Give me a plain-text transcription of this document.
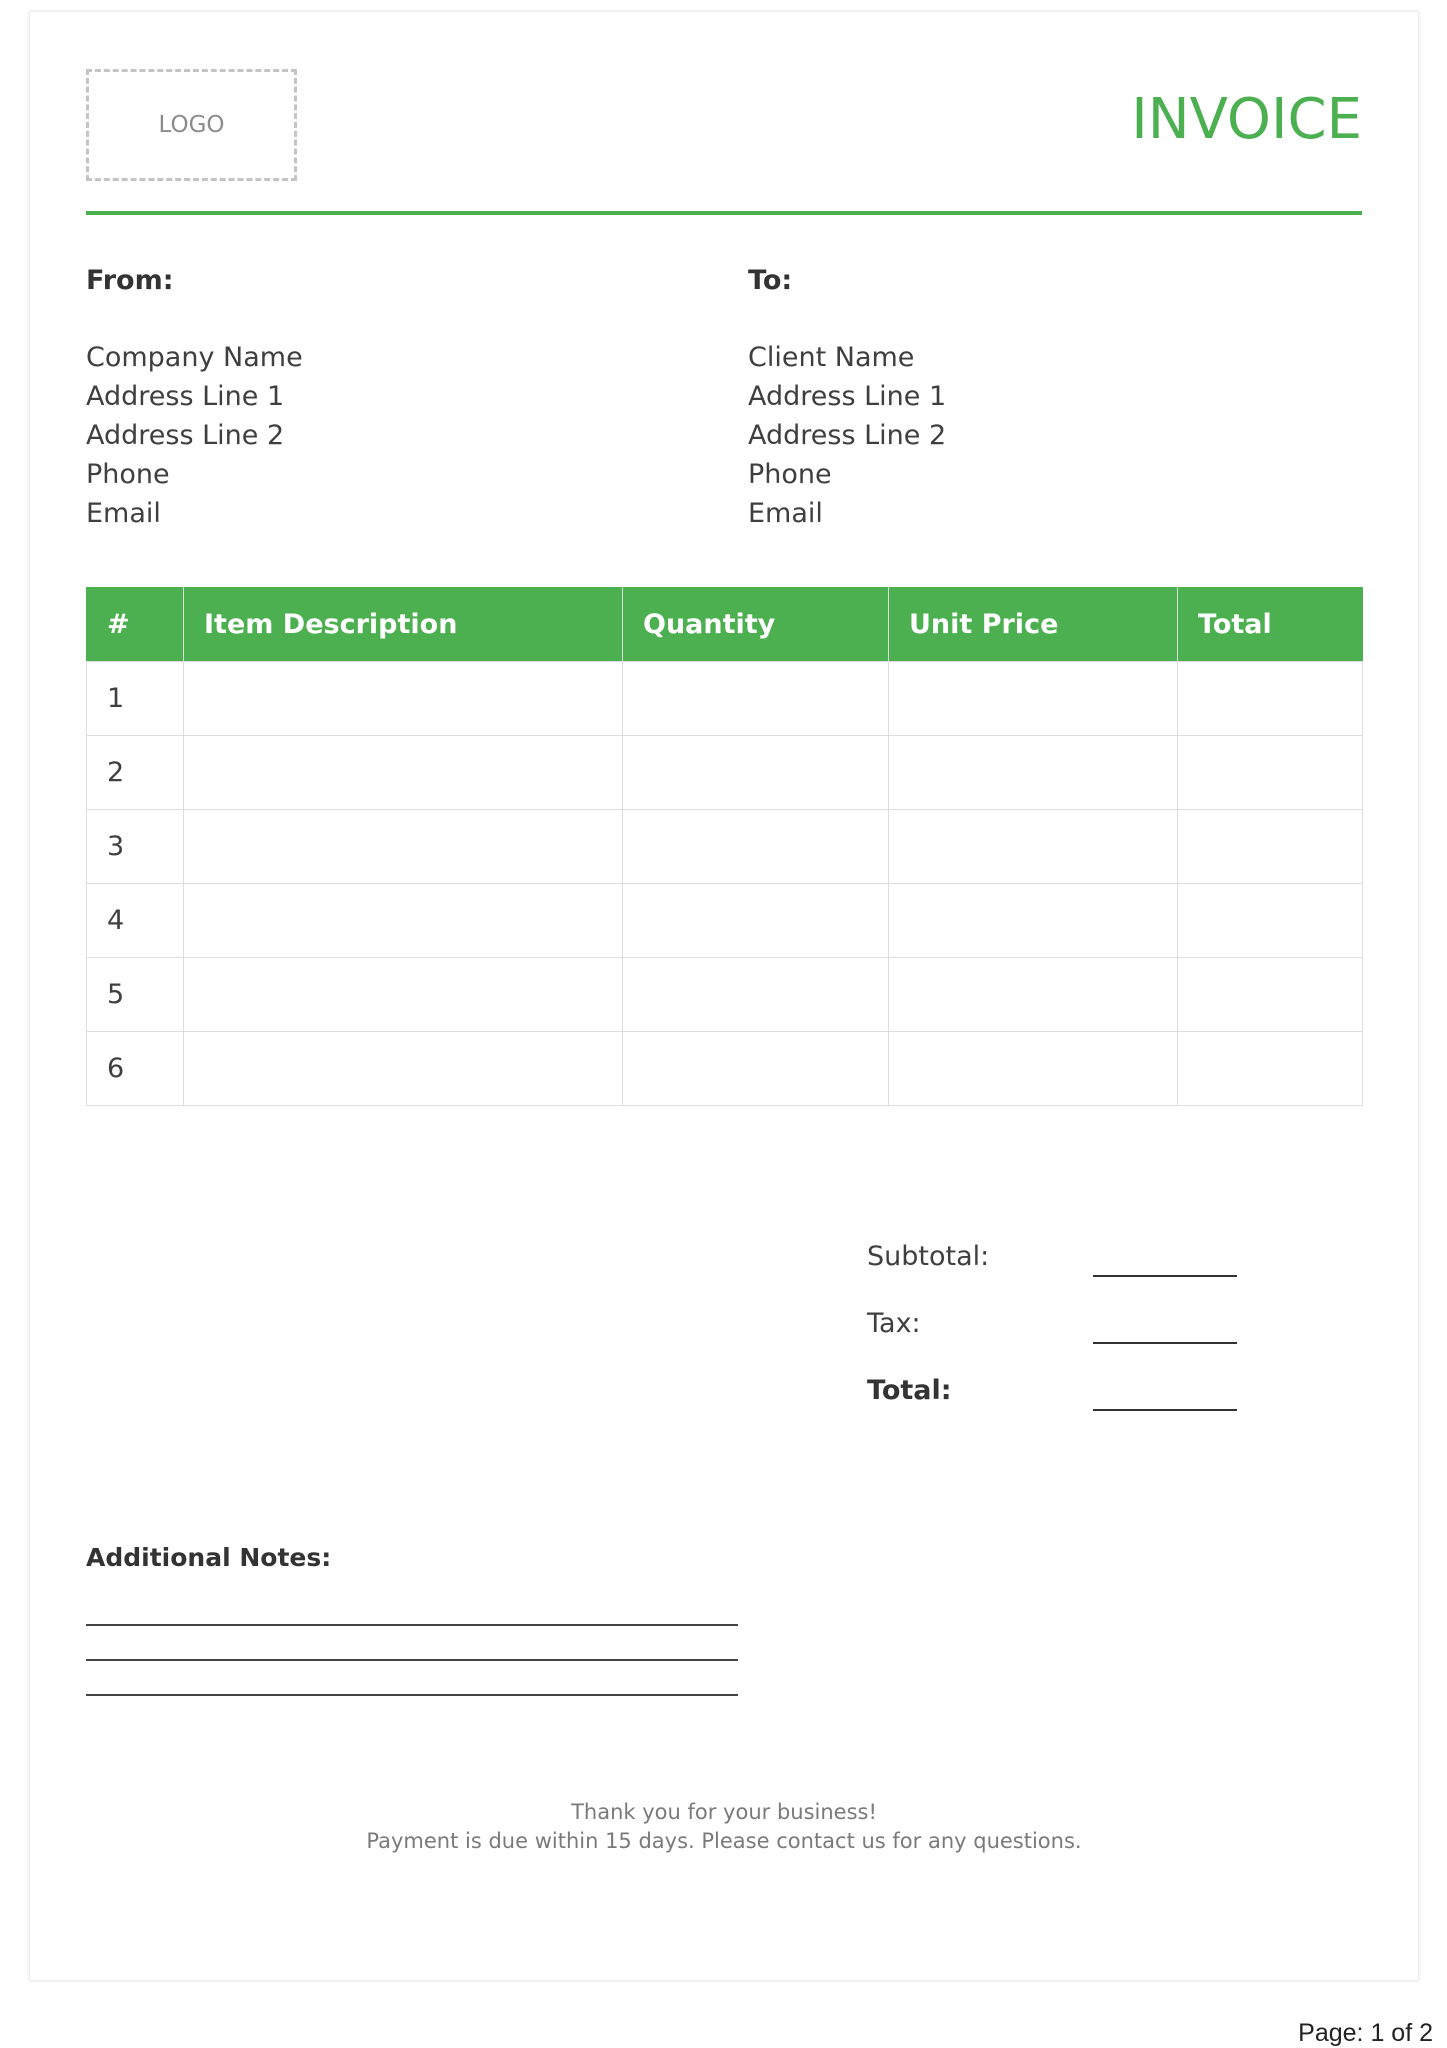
LOGO	INVOICE
From:
Company Name
Address Line 1
Address Line 2
Phone
Email
To:
Client Name
Address Line 1
Address Line 2
Phone
Email
#	Item Description	Quantity	Unit Price	Total
1				
2				
3				
4				
5				
6				
Subtotal:
Tax:
Total:
Additional Notes:
Thank you for your business!
Payment is due within 15 days. Please contact us for any questions.
Page: 1 of 2
